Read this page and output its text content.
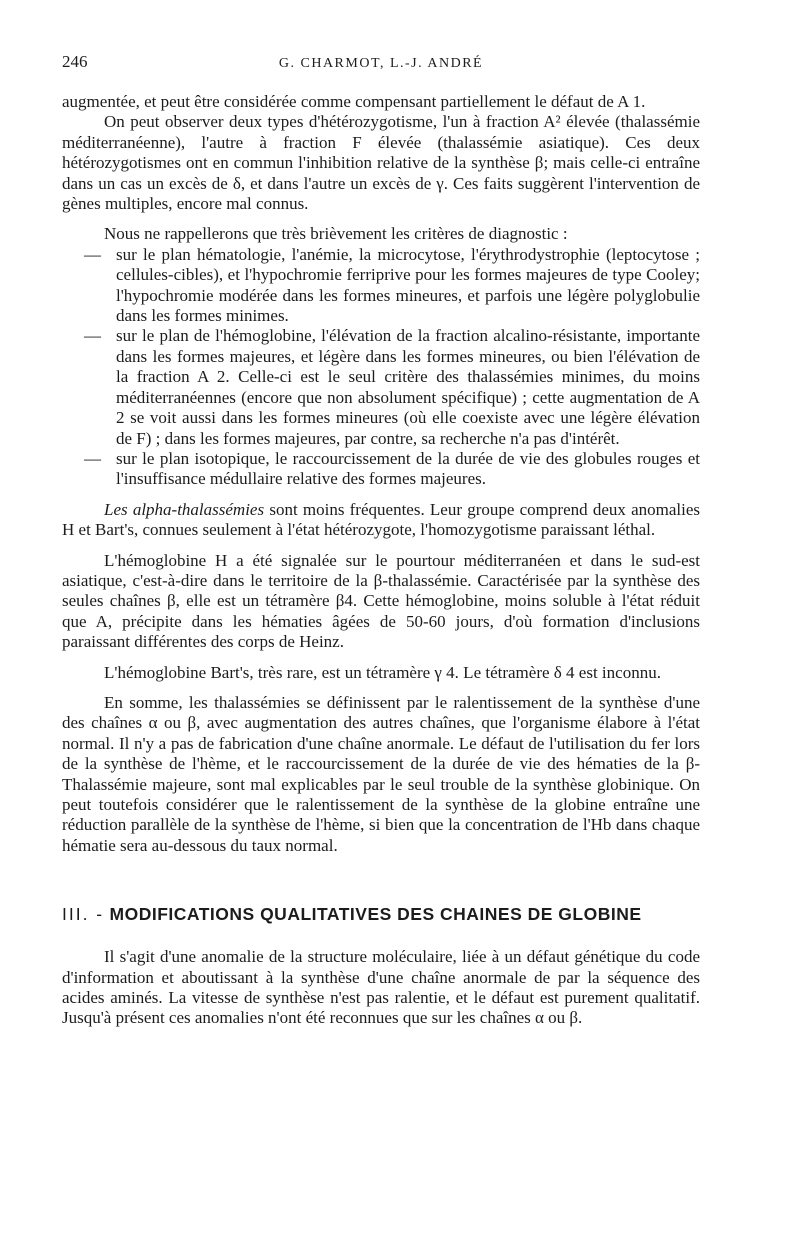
246	G. CHARMOT, L.-J. ANDRÉ

augmentée, et peut être considérée comme compensant partiellement le défaut de A 1.

On peut observer deux types d'hétérozygotisme, l'un à fraction A² élevée (thalassémie méditerranéenne), l'autre à fraction F élevée (thalassémie asiatique). Ces deux hétérozygotismes ont en commun l'inhibition relative de la synthèse β; mais celle-ci entraîne dans un cas un excès de δ, et dans l'autre un excès de γ. Ces faits suggèrent l'intervention de gènes multiples, encore mal connus.

Nous ne rappellerons que très brièvement les critères de diagnostic :

— sur le plan hématologie, l'anémie, la microcytose, l'érythrodystrophie (leptocytose ; cellules-cibles), et l'hypochromie ferriprive pour les formes majeures de type Cooley; l'hypochromie modérée dans les formes mineures, et parfois une légère polyglobulie dans les formes minimes.

— sur le plan de l'hémoglobine, l'élévation de la fraction alcalino-résistante, importante dans les formes majeures, et légère dans les formes mineures, ou bien l'élévation de la fraction A 2. Celle-ci est le seul critère des thalassémies minimes, du moins méditerranéennes (encore que non absolument spécifique) ; cette augmentation de A 2 se voit aussi dans les formes mineures (où elle coexiste avec une légère élévation de F) ; dans les formes majeures, par contre, sa recherche n'a pas d'intérêt.

— sur le plan isotopique, le raccourcissement de la durée de vie des globules rouges et l'insuffisance médullaire relative des formes majeures.

Les alpha-thalassémies sont moins fréquentes. Leur groupe comprend deux anomalies H et Bart's, connues seulement à l'état hétérozygote, l'homozygotisme paraissant léthal.

L'hémoglobine H a été signalée sur le pourtour méditerranéen et dans le sud-est asiatique, c'est-à-dire dans le territoire de la β-thalassémie. Caractérisée par la synthèse des seules chaînes β, elle est un tétramère β4. Cette hémoglobine, moins soluble à l'état réduit que A, précipite dans les hématies âgées de 50-60 jours, d'où formation d'inclusions paraissant différentes des corps de Heinz.

L'hémoglobine Bart's, très rare, est un tétramère γ 4. Le tétramère δ 4 est inconnu.

En somme, les thalassémies se définissent par le ralentissement de la synthèse d'une des chaînes α ou β, avec augmentation des autres chaînes, que l'organisme élabore à l'état normal. Il n'y a pas de fabrication d'une chaîne anormale. Le défaut de l'utilisation du fer lors de la synthèse de l'hème, et le raccourcissement de la durée de vie des hématies de la β-Thalassémie majeure, sont mal explicables par le seul trouble de la synthèse globinique. On peut toutefois considérer que le ralentissement de la synthèse de la globine entraîne une réduction parallèle de la synthèse de l'hème, si bien que la concentration de l'Hb dans chaque hématie sera au-dessous du taux normal.

III. - MODIFICATIONS QUALITATIVES DES CHAINES DE GLOBINE

Il s'agit d'une anomalie de la structure moléculaire, liée à un défaut génétique du code d'information et aboutissant à la synthèse d'une chaîne anormale de par la séquence des acides aminés. La vitesse de synthèse n'est pas ralentie, et le défaut est purement qualitatif. Jusqu'à présent ces anomalies n'ont été reconnues que sur les chaînes α ou β.
